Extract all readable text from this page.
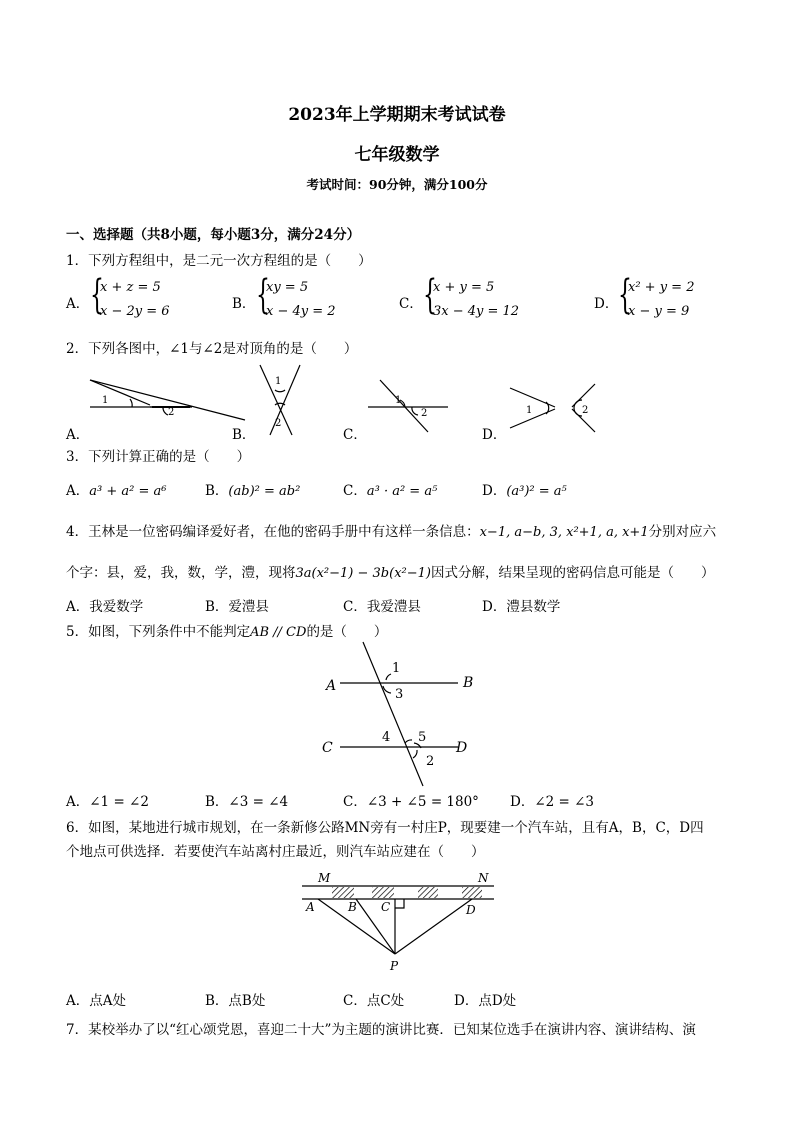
2023年上学期期末考试试卷
七年级数学
考试时间：90分钟，满分100分
一、选择题（共8小题，每小题3分，满分24分）
1．下列方程组中，是二元一次方程组的是（　　）
A． {
x + z = 5
x − 2y = 6	B． {
xy = 5
x − 4y = 2	C． {
x + y = 5
3x − 4y = 12	D． {
x² + y = 2
x − y = 9
2．下列各图中，∠1与∠2是对顶角的是（　　）
1
2
1
2
1
2	1	2
A．	B．	C．	D．
3．下列计算正确的是（　　）
A．a³ + a² = a⁶	B．(ab)² = ab²	C．a³ · a² = a⁵	D．(a³)² = a⁵
4．王林是一位密码编译爱好者，在他的密码手册中有这样一条信息：x−1, a−b, 3, x²+1, a, x+1分别对应六
个字：县，爱，我，数，学，澧，现将3a(x²−1) − 3b(x²−1)因式分解，结果呈现的密码信息可能是（　　）
A．我爱数学	B．爱澧县	C．我爱澧县	D．澧县数学
5．如图，下列条件中不能判定AB // CD的是（　　）
A	B
C	D
1
3
4 5
2
A．∠1 = ∠2	B．∠3 = ∠4	C．∠3 + ∠5 = 180° D．∠2 = ∠3
6．如图，某地进行城市规划，在一条新修公路MN旁有一村庄P，现要建一个汽车站，且有A，B，C，D四
个地点可供选择．若要使汽车站离村庄最近，则汽车站应建在（　　）
M	N
A	B C	D
P
A．点A处	B．点B处	C．点C处	D．点D处
7．某校举办了以“红心颂党恩，喜迎二十大”为主题的演讲比赛．已知某位选手在演讲内容、演讲结构、演
